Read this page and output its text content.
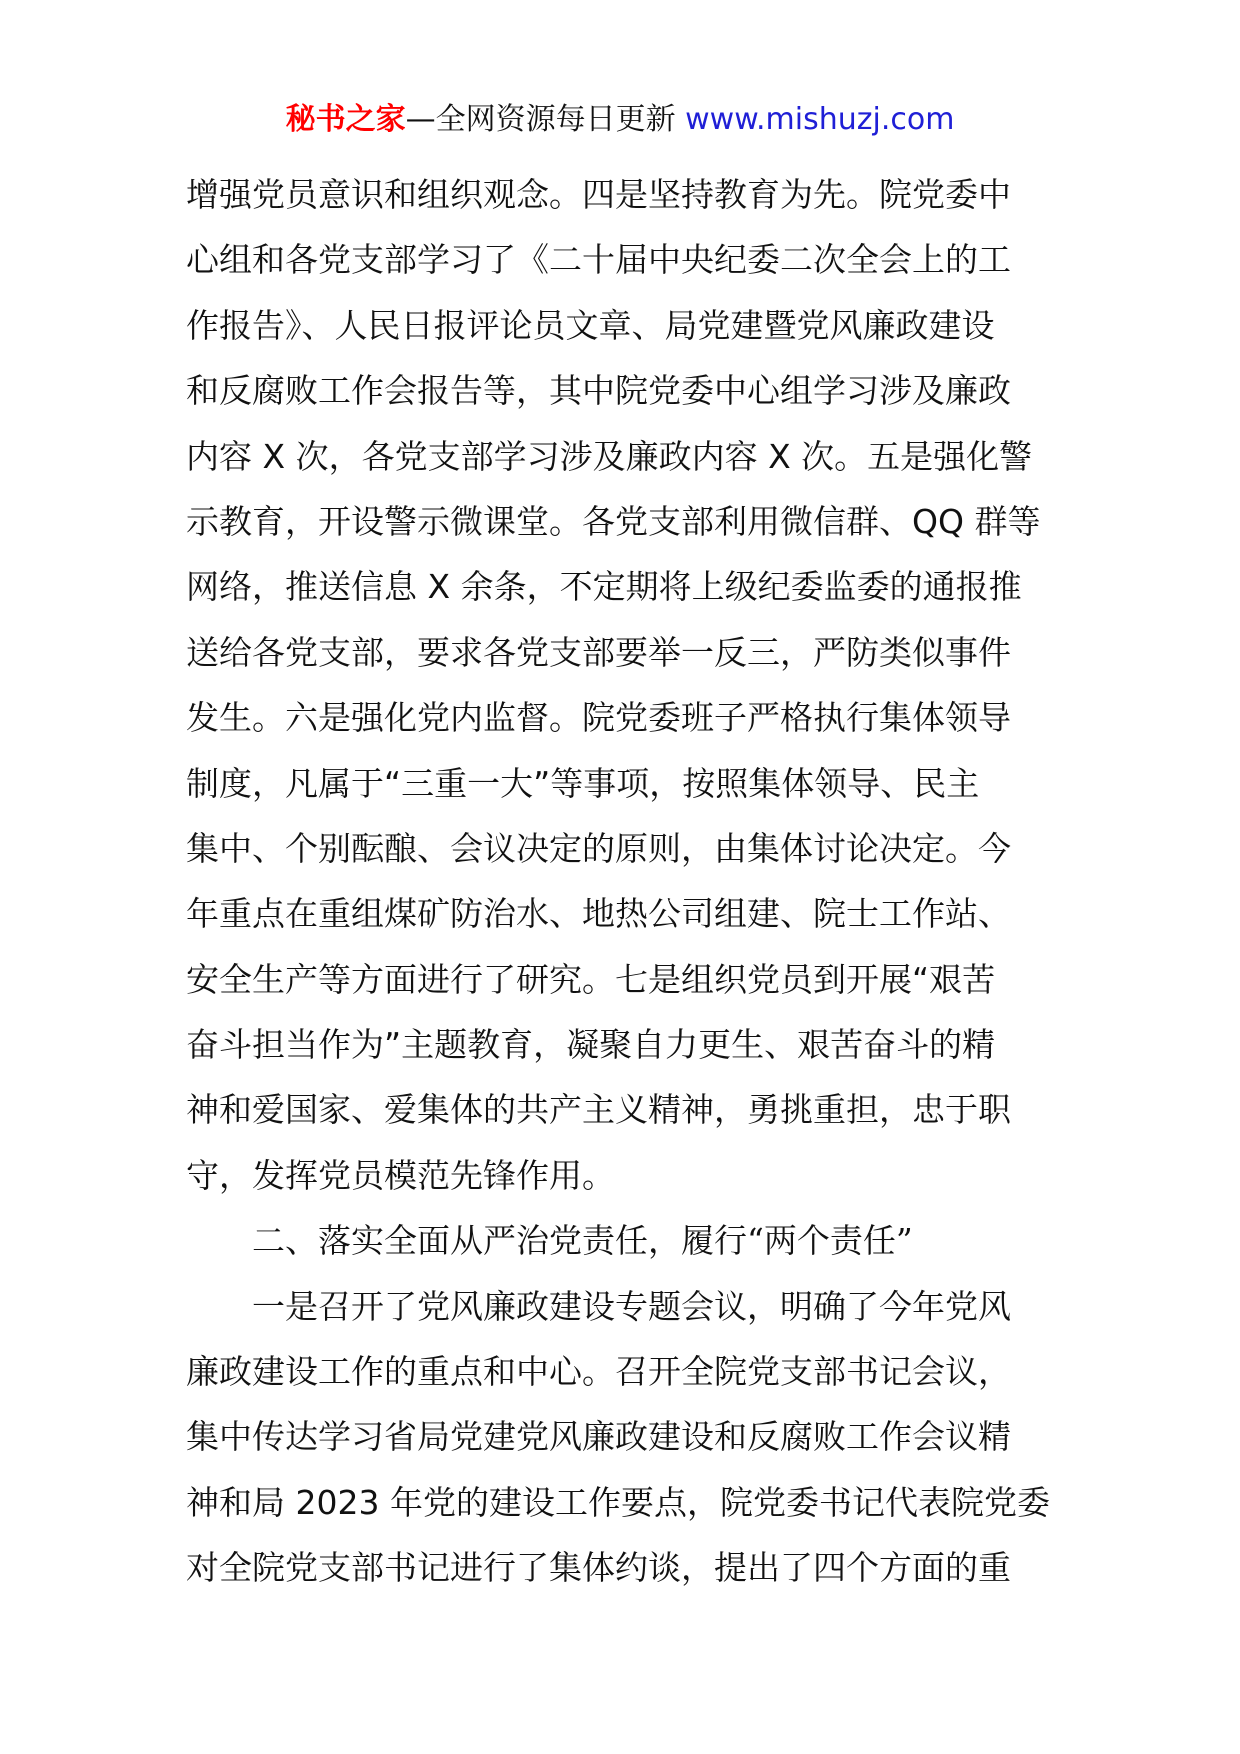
秘书之家—全网资源每日更新 www.mishuzj.com
增强党员意识和组织观念。四是坚持教育为先。院党委中
心组和各党支部学习了《二十届中央纪委二次全会上的工
作报告》、人民日报评论员文章、局党建暨党风廉政建设
和反腐败工作会报告等，其中院党委中心组学习涉及廉政
内容 X 次，各党支部学习涉及廉政内容 X 次。五是强化警
示教育，开设警示微课堂。各党支部利用微信群、QQ 群等
网络，推送信息 X 余条，不定期将上级纪委监委的通报推
送给各党支部，要求各党支部要举一反三，严防类似事件
发生。六是强化党内监督。院党委班子严格执行集体领导
制度，凡属于“三重一大”等事项，按照集体领导、民主
集中、个别酝酿、会议决定的原则，由集体讨论决定。今
年重点在重组煤矿防治水、地热公司组建、院士工作站、
安全生产等方面进行了研究。七是组织党员到开展“艰苦
奋斗担当作为”主题教育，凝聚自力更生、艰苦奋斗的精
神和爱国家、爱集体的共产主义精神，勇挑重担，忠于职
守，发挥党员模范先锋作用。
二、落实全面从严治党责任，履行“两个责任”
一是召开了党风廉政建设专题会议，明确了今年党风
廉政建设工作的重点和中心。召开全院党支部书记会议，
集中传达学习省局党建党风廉政建设和反腐败工作会议精
神和局 2023 年党的建设工作要点，院党委书记代表院党委
对全院党支部书记进行了集体约谈，提出了四个方面的重
